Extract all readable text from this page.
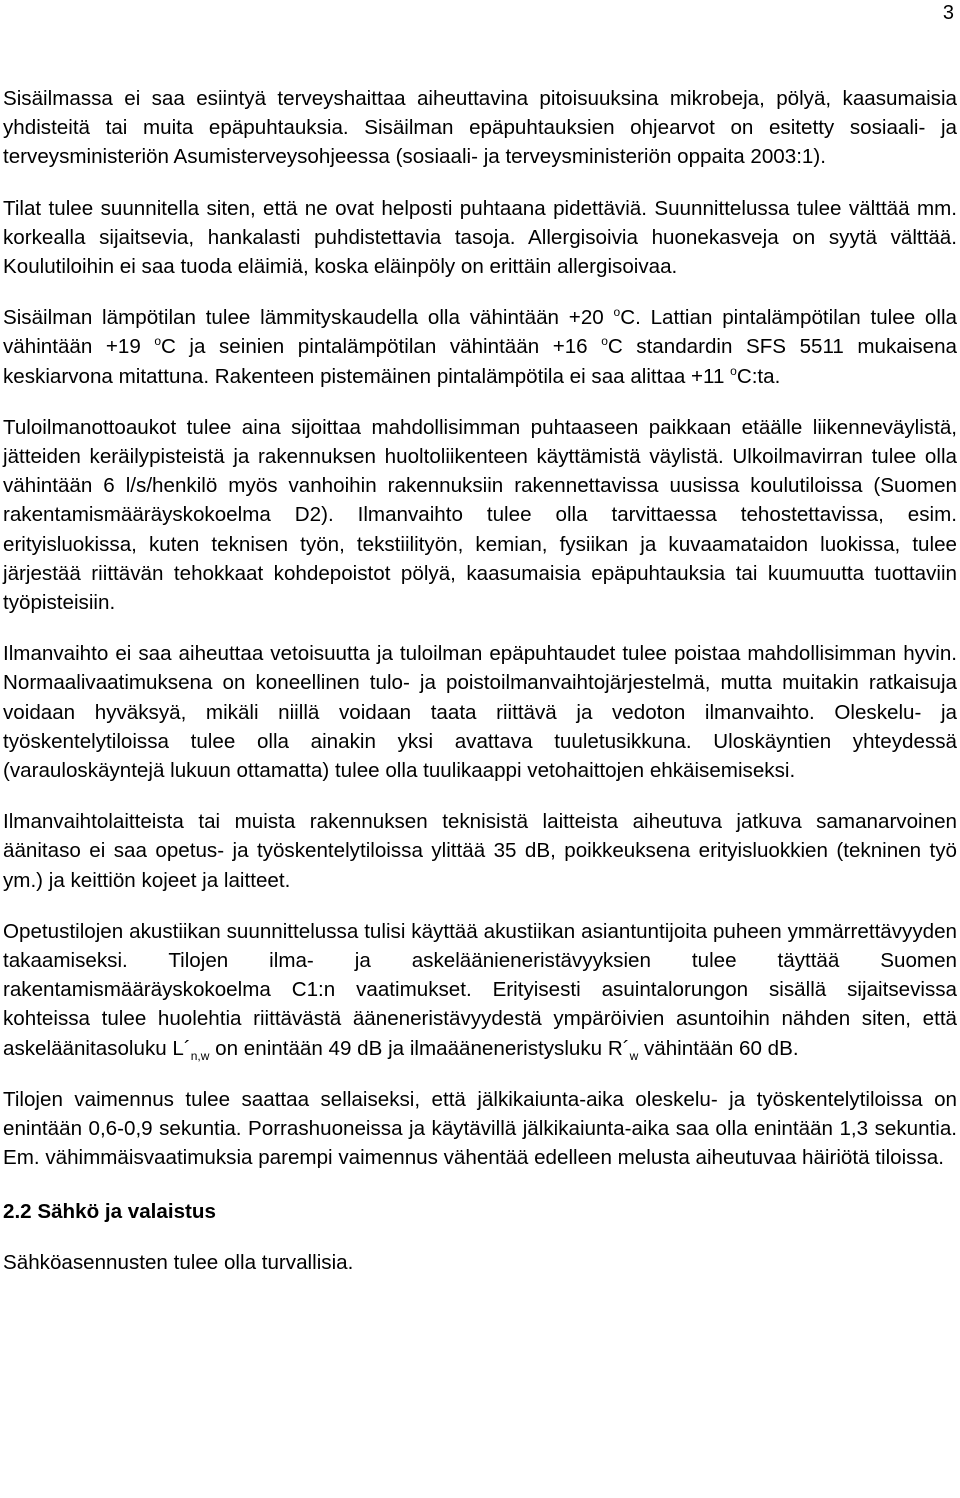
3

Sisäilmassa ei saa esiintyä terveyshaittaa aiheuttavina pitoisuuksina mikrobeja, pölyä, kaasumaisia yhdisteitä tai muita epäpuhtauksia. Sisäilman epäpuhtauksien ohjearvot on esitetty sosiaali- ja terveysministeriön Asumisterveysohjeessa (sosiaali- ja terveysministeriön oppaita 2003:1).

Tilat tulee suunnitella siten, että ne ovat helposti puhtaana pidettäviä. Suunnittelussa tulee välttää mm. korkealla sijaitsevia, hankalasti puhdistettavia tasoja. Allergisoivia huonekasveja on syytä välttää. Koulutiloihin ei saa tuoda eläimiä, koska eläinpöly on erittäin allergisoivaa.

Sisäilman lämpötilan tulee lämmityskaudella olla vähintään +20 $^o$C. Lattian pintalämpötilan tulee olla vähintään +19 $^o$C ja seinien pintalämpötilan vähintään +16 $^o$C standardin SFS 5511 mukaisena keskiarvona mitattuna. Rakenteen pistemäinen pintalämpötila ei saa alittaa +11 $^o$C:ta.

Tuloilmanottoaukot tulee aina sijoittaa mahdollisimman puhtaaseen paikkaan etäälle liikenneväylistä, jätteiden keräilypisteistä ja rakennuksen huoltoliikenteen käyttämistä väylistä. Ulkoilmavirran tulee olla vähintään 6 l/s/henkilö myös vanhoihin rakennuksiin rakennettavissa uusissa koulutiloissa (Suomen rakentamismääräyskokoelma D2). Ilmanvaihto tulee olla tarvittaessa tehostettavissa, esim. erityisluokissa, kuten teknisen työn, tekstiilityön, kemian, fysiikan ja kuvaamataidon luokissa, tulee järjestää riittävän tehokkaat kohdepoistot pölyä, kaasumaisia epäpuhtauksia tai kuumuutta tuottaviin työpisteisiin.

Ilmanvaihto ei saa aiheuttaa vetoisuutta ja tuloilman epäpuhtaudet tulee poistaa mahdollisimman hyvin. Normaalivaatimuksena on koneellinen tulo- ja poistoilmanvaihtojärjestelmä, mutta muitakin ratkaisuja voidaan hyväksyä, mikäli niillä voidaan taata riittävä ja vedoton ilmanvaihto. Oleskelu- ja työskentelytiloissa tulee olla ainakin yksi avattava tuuletusikkuna. Uloskäyntien yhteydessä (varauloskäyntejä lukuun ottamatta) tulee olla tuulikaappi vetohaittojen ehkäisemiseksi.

Ilmanvaihtolaitteista tai muista rakennuksen teknisistä laitteista aiheutuva jatkuva samanarvoinen äänitaso ei saa opetus- ja työskentelytiloissa ylittää 35 dB, poikkeuksena erityisluokkien (tekninen työ ym.) ja keittiön kojeet ja laitteet.

Opetustilojen akustiikan suunnittelussa tulisi käyttää akustiikan asiantuntijoita puheen ymmärrettävyyden takaamiseksi. Tilojen ilma- ja askeläänieneristävyyksien tulee täyttää Suomen rakentamismääräyskokoelma C1:n vaatimukset. Erityisesti asuintalorungon sisällä sijaitsevissa kohteissa tulee huolehtia riittävästä ääneneristävyydestä ympäröivien asuntoihin nähden siten, että askeläänitasoluku $L´_{n,w}$ on enintään 49 dB ja ilmaääneneristysluku $R´_w$ vähintään 60 dB.

Tilojen vaimennus tulee saattaa sellaiseksi, että jälkikaiunta-aika oleskelu- ja työskentelytiloissa on enintään 0,6-0,9 sekuntia. Porrashuoneissa ja käytävillä jälkikaiunta-aika saa olla enintään 1,3 sekuntia. Em. vähimmäisvaatimuksia parempi vaimennus vähentää edelleen melusta aiheutuvaa häiriötä tiloissa.

2.2 Sähkö ja valaistus

Sähköasennusten tulee olla turvallisia.
